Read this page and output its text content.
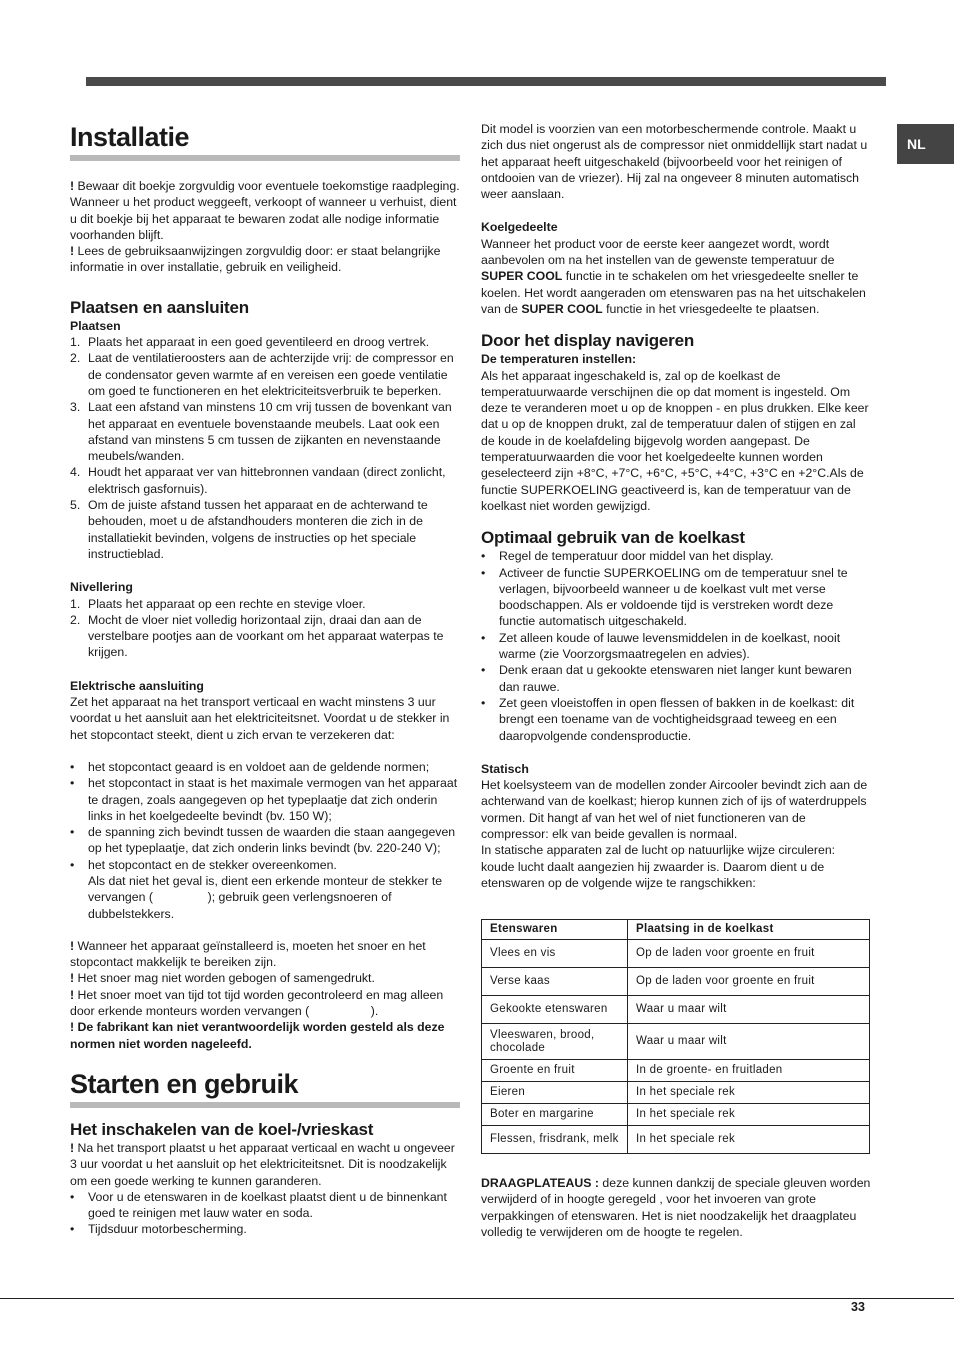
NL
Installatie

! Bewaar dit boekje zorgvuldig voor eventuele toekomstige raadpleging. Wanneer u het product weggeeft, verkoopt of wanneer u verhuist, dient u dit boekje bij het apparaat te bewaren zodat alle nodige informatie voorhanden blijft.

! Lees de gebruiksaanwijzingen zorgvuldig door: er staat belangrijke informatie in over installatie, gebruik en veiligheid.

Plaatsen en aansluiten
Plaatsen
1. Plaats het apparaat in een goed geventileerd en droog vertrek.
2. Laat de ventilatieroosters aan de achterzijde vrij: de compressor en de condensator geven warmte af en vereisen een goede ventilatie om goed te functioneren en het elektriciteitsverbruik te beperken.
3. Laat een afstand van minstens 10 cm vrij tussen de bovenkant van het apparaat en eventuele bovenstaande meubels. Laat ook een afstand van minstens 5 cm tussen de zijkanten en nevenstaande meubels/wanden.
4. Houdt het apparaat ver van hittebronnen vandaan (direct zonlicht, elektrisch gasfornuis).
5. Om de juiste afstand tussen het apparaat en de achterwand te behouden, moet u de afstandhouders monteren die zich in de installatiekit bevinden, volgens de instructies op het speciale instructieblad.
Nivellering
1. Plaats het apparaat op een rechte en stevige vloer.
2. Mocht de vloer niet volledig horizontaal zijn, draai dan aan de verstelbare pootjes aan de voorkant om het apparaat waterpas te krijgen.
Elektrische aansluiting

Zet het apparaat na het transport verticaal en wacht minstens 3 uur voordat u het aansluit aan het elektriciteitsnet. Voordat u de stekker in het stopcontact steekt, dient u zich ervan te verzekeren dat:

• het stopcontact geaard is en voldoet aan de geldende normen;
• het stopcontact in staat is het maximale vermogen van het apparaat te dragen, zoals aangegeven op het typeplaatje dat zich onderin links in het koelgedeelte bevindt (bv. 150 W);
• de spanning zich bevindt tussen de waarden die staan aangegeven op het typeplaatje, dat zich onderin links bevindt (bv. 220-240 V);
• het stopcontact en de stekker overeenkomen.
Als dat niet het geval is, dient een erkende monteur de stekker te vervangen (                ); gebruik geen verlengsnoeren of dubbelstekkers.

! Wanneer het apparaat geïnstalleerd is, moeten het snoer en het stopcontact makkelijk te bereiken zijn.

! Het snoer mag niet worden gebogen of samengedrukt.

! Het snoer moet van tijd tot tijd worden gecontroleerd en mag alleen door erkende monteurs worden vervangen (                  ).

! De fabrikant kan niet verantwoordelijk worden gesteld als deze normen niet worden nageleefd.

Starten en gebruik
Het inschakelen van de koel-/vrieskast

! Na het transport plaatst u het apparaat verticaal en wacht u ongeveer 3 uur voordat u het aansluit op het elektriciteitsnet. Dit is noodzakelijk om een goede werking te kunnen garanderen.

• Voor u de etenswaren in de koelkast plaatst dient u de binnenkant goed te reinigen met lauw water en soda.
• Tijdsduur motorbescherming.

Dit model is voorzien van een motorbeschermende controle. Maakt u zich dus niet ongerust als de compressor niet onmiddellijk start nadat u het apparaat heeft uitgeschakeld (bijvoorbeeld voor het reinigen of ontdooien van de vriezer). Hij zal na ongeveer 8 minuten automatisch weer aanslaan.

Koelgedeelte

Wanneer het product voor de eerste keer aangezet wordt, wordt aanbevolen om na het instellen van de gewenste temperatuur de SUPER COOL functie in te schakelen om het vriesgedeelte sneller te koelen. Het wordt aangeraden om etenswaren pas na het uitschakelen van de SUPER COOL functie in het vriesgedeelte te plaatsen.

Door het display navigeren
De temperaturen instellen:

Als het apparaat ingeschakeld is, zal op de koelkast de temperatuurwaarde verschijnen die op dat moment is ingesteld. Om deze te veranderen moet u op de knoppen - en plus drukken. Elke keer dat u op de knoppen drukt, zal de temperatuur dalen of stijgen en zal de koude in de koelafdeling bijgevolg worden aangepast. De temperatuurwaarden die voor het koelgedeelte kunnen worden geselecteerd zijn +8°C, +7°C, +6°C, +5°C, +4°C, +3°C en +2°C.Als de functie SUPERKOELING geactiveerd is, kan de temperatuur van de koelkast niet worden gewijzigd.

Optimaal gebruik van de koelkast
• Regel de temperatuur door middel van het display.
• Activeer de functie SUPERKOELING om de temperatuur snel te verlagen, bijvoorbeeld wanneer u de koelkast vult met verse boodschappen. Als er voldoende tijd is verstreken wordt deze functie automatisch uitgeschakeld.
• Zet alleen koude of lauwe levensmiddelen in de koelkast, nooit warme (zie Voorzorgsmaatregelen en advies).
• Denk eraan dat u gekookte etenswaren niet langer kunt bewaren dan rauwe.
• Zet geen vloeistoffen in open flessen of bakken in de koelkast: dit brengt een toename van de vochtigheidsgraad teweeg en een daaropvolgende condensproductie.
Statisch

Het koelsysteem van de modellen zonder Aircooler bevindt zich aan de achterwand van de koelkast; hierop kunnen zich of ijs of waterdruppels vormen. Dit hangt af van het wel of niet functioneren van de compressor: elk van beide gevallen is normaal.

In statische apparaten zal de lucht op natuurlijke wijze circuleren: koude lucht daalt aangezien hij zwaarder is. Daarom dient u de etenswaren op de volgende wijze te rangschikken:

Etenswaren	Plaatsing in de koelkast
Vlees en vis	Op de laden voor groente en fruit
Verse kaas	Op de laden voor groente en fruit
Gekookte etenswaren	Waar u maar wilt
Vleeswaren, brood, chocolade	Waar u maar wilt
Groente en fruit	In de groente- en fruitladen
Eieren	In het speciale rek
Boter en margarine	In het speciale rek
Flessen, frisdrank, melk	In het speciale rek

DRAAGPLATEAUS : deze kunnen dankzij de speciale gleuven worden verwijderd of in hoogte geregeld , voor het invoeren van grote verpakkingen of etenswaren. Het is niet noodzakelijk het draagplateu volledig te verwijderen om de hoogte te regelen.

33
